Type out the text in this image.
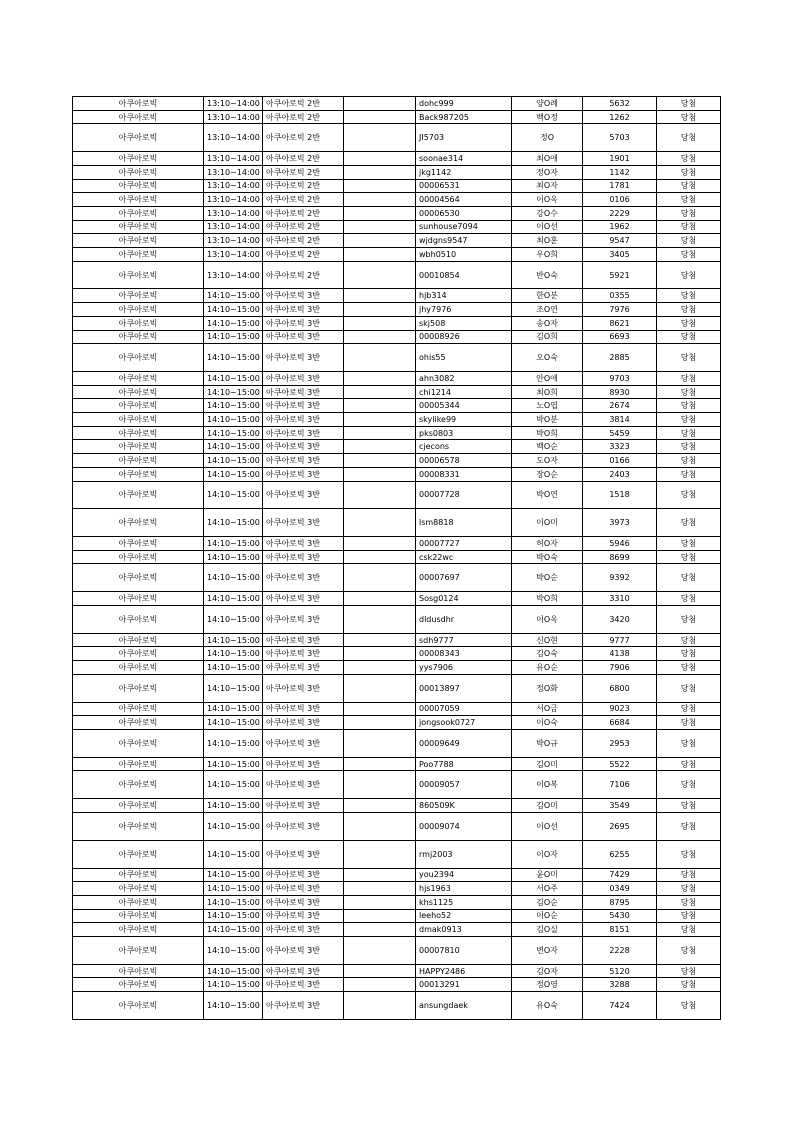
아쿠아로빅	13:10~14:00	아쿠아로빅 2반		dohc999	양O례	5632	당첨
아쿠아로빅	13:10~14:00	아쿠아로빅 2반		Back987205	백O정	1262	당첨
아쿠아로빅	13:10~14:00	아쿠아로빅 2반		JI5703	정O	5703	당첨
아쿠아로빅	13:10~14:00	아쿠아로빅 2반		soonae314	최O애	1901	당첨
아쿠아로빅	13:10~14:00	아쿠아로빅 2반		jkg1142	정O자	1142	당첨
아쿠아로빅	13:10~14:00	아쿠아로빅 2반		00006531	최O자	1781	당첨
아쿠아로빅	13:10~14:00	아쿠아로빅 2반		00004564	이O옥	0106	당첨
아쿠아로빅	13:10~14:00	아쿠아로빅 2반		00006530	강O수	2229	당첨
아쿠아로빅	13:10~14:00	아쿠아로빅 2반		sunhouse7094	이O선	1962	당첨
아쿠아로빅	13:10~14:00	아쿠아로빅 2반		wjdgns9547	최O훈	9547	당첨
아쿠아로빅	13:10~14:00	아쿠아로빅 2반		wbh0510	우O희	3405	당첨
아쿠아로빅	13:10~14:00	아쿠아로빅 2반		00010854	반O숙	5921	당첨
아쿠아로빅	14:10~15:00	아쿠아로빅 3반		hjb314	한O분	0355	당첨
아쿠아로빅	14:10~15:00	아쿠아로빅 3반		jhy7976	조O연	7976	당첨
아쿠아로빅	14:10~15:00	아쿠아로빅 3반		skj508	송O자	8621	당첨
아쿠아로빅	14:10~15:00	아쿠아로빅 3반		00008926	김O희	6693	당첨
아쿠아로빅	14:10~15:00	아쿠아로빅 3반		ohis55	오O숙	2885	당첨
아쿠아로빅	14:10~15:00	아쿠아로빅 3반		ahn3082	안O애	9703	당첨
아쿠아로빅	14:10~15:00	아쿠아로빅 3반		chi1214	최O희	8930	당첨
아쿠아로빅	14:10~15:00	아쿠아로빅 3반		00005344	노O엽	2674	당첨
아쿠아로빅	14:10~15:00	아쿠아로빅 3반		skylike99	박O분	3814	당첨
아쿠아로빅	14:10~15:00	아쿠아로빅 3반		pks0803	박O희	5459	당첨
아쿠아로빅	14:10~15:00	아쿠아로빅 3반		cjecons	백O순	3323	당첨
아쿠아로빅	14:10~15:00	아쿠아로빅 3반		00006578	도O자	0166	당첨
아쿠아로빅	14:10~15:00	아쿠아로빅 3반		00008331	장O순	2403	당첨
아쿠아로빅	14:10~15:00	아쿠아로빅 3반		00007728	박O연	1518	당첨
아쿠아로빅	14:10~15:00	아쿠아로빅 3반		lsm8818	이O미	3973	당첨
아쿠아로빅	14:10~15:00	아쿠아로빅 3반		00007727	허O자	5946	당첨
아쿠아로빅	14:10~15:00	아쿠아로빅 3반		csk22wc	박O숙	8699	당첨
아쿠아로빅	14:10~15:00	아쿠아로빅 3반		00007697	박O순	9392	당첨
아쿠아로빅	14:10~15:00	아쿠아로빅 3반		Sosg0124	박O희	3310	당첨
아쿠아로빅	14:10~15:00	아쿠아로빅 3반		dldusdhr	이O옥	3420	당첨
아쿠아로빅	14:10~15:00	아쿠아로빅 3반		sdh9777	신O현	9777	당첨
아쿠아로빅	14:10~15:00	아쿠아로빅 3반		00008343	김O숙	4138	당첨
아쿠아로빅	14:10~15:00	아쿠아로빅 3반		yys7906	유O순	7906	당첨
아쿠아로빅	14:10~15:00	아쿠아로빅 3반		00013897	정O화	6800	당첨
아쿠아로빅	14:10~15:00	아쿠아로빅 3반		00007059	서O금	9023	당첨
아쿠아로빅	14:10~15:00	아쿠아로빅 3반		jongsook0727	이O숙	6684	당첨
아쿠아로빅	14:10~15:00	아쿠아로빅 3반		00009649	박O규	2953	당첨
아쿠아로빅	14:10~15:00	아쿠아로빅 3반		Poo7788	김O미	5522	당첨
아쿠아로빅	14:10~15:00	아쿠아로빅 3반		00009057	이O복	7106	당첨
아쿠아로빅	14:10~15:00	아쿠아로빅 3반		860509K	김O미	3549	당첨
아쿠아로빅	14:10~15:00	아쿠아로빅 3반		00009074	이O선	2695	당첨
아쿠아로빅	14:10~15:00	아쿠아로빅 3반		rmj2003	이O자	6255	당첨
아쿠아로빅	14:10~15:00	아쿠아로빅 3반		you2394	윤O미	7429	당첨
아쿠아로빅	14:10~15:00	아쿠아로빅 3반		hjs1963	서O주	0349	당첨
아쿠아로빅	14:10~15:00	아쿠아로빅 3반		khs1125	김O순	8795	당첨
아쿠아로빅	14:10~15:00	아쿠아로빅 3반		leeho52	이O순	5430	당첨
아쿠아로빅	14:10~15:00	아쿠아로빅 3반		dmak0913	김O실	8151	당첨
아쿠아로빅	14:10~15:00	아쿠아로빅 3반		00007810	변O자	2228	당첨
아쿠아로빅	14:10~15:00	아쿠아로빅 3반		HAPPY2486	김O자	5120	당첨
아쿠아로빅	14:10~15:00	아쿠아로빅 3반		00013291	정O영	3288	당첨
아쿠아로빅	14:10~15:00	아쿠아로빅 3반		ansungdaek	유O숙	7424	당첨
